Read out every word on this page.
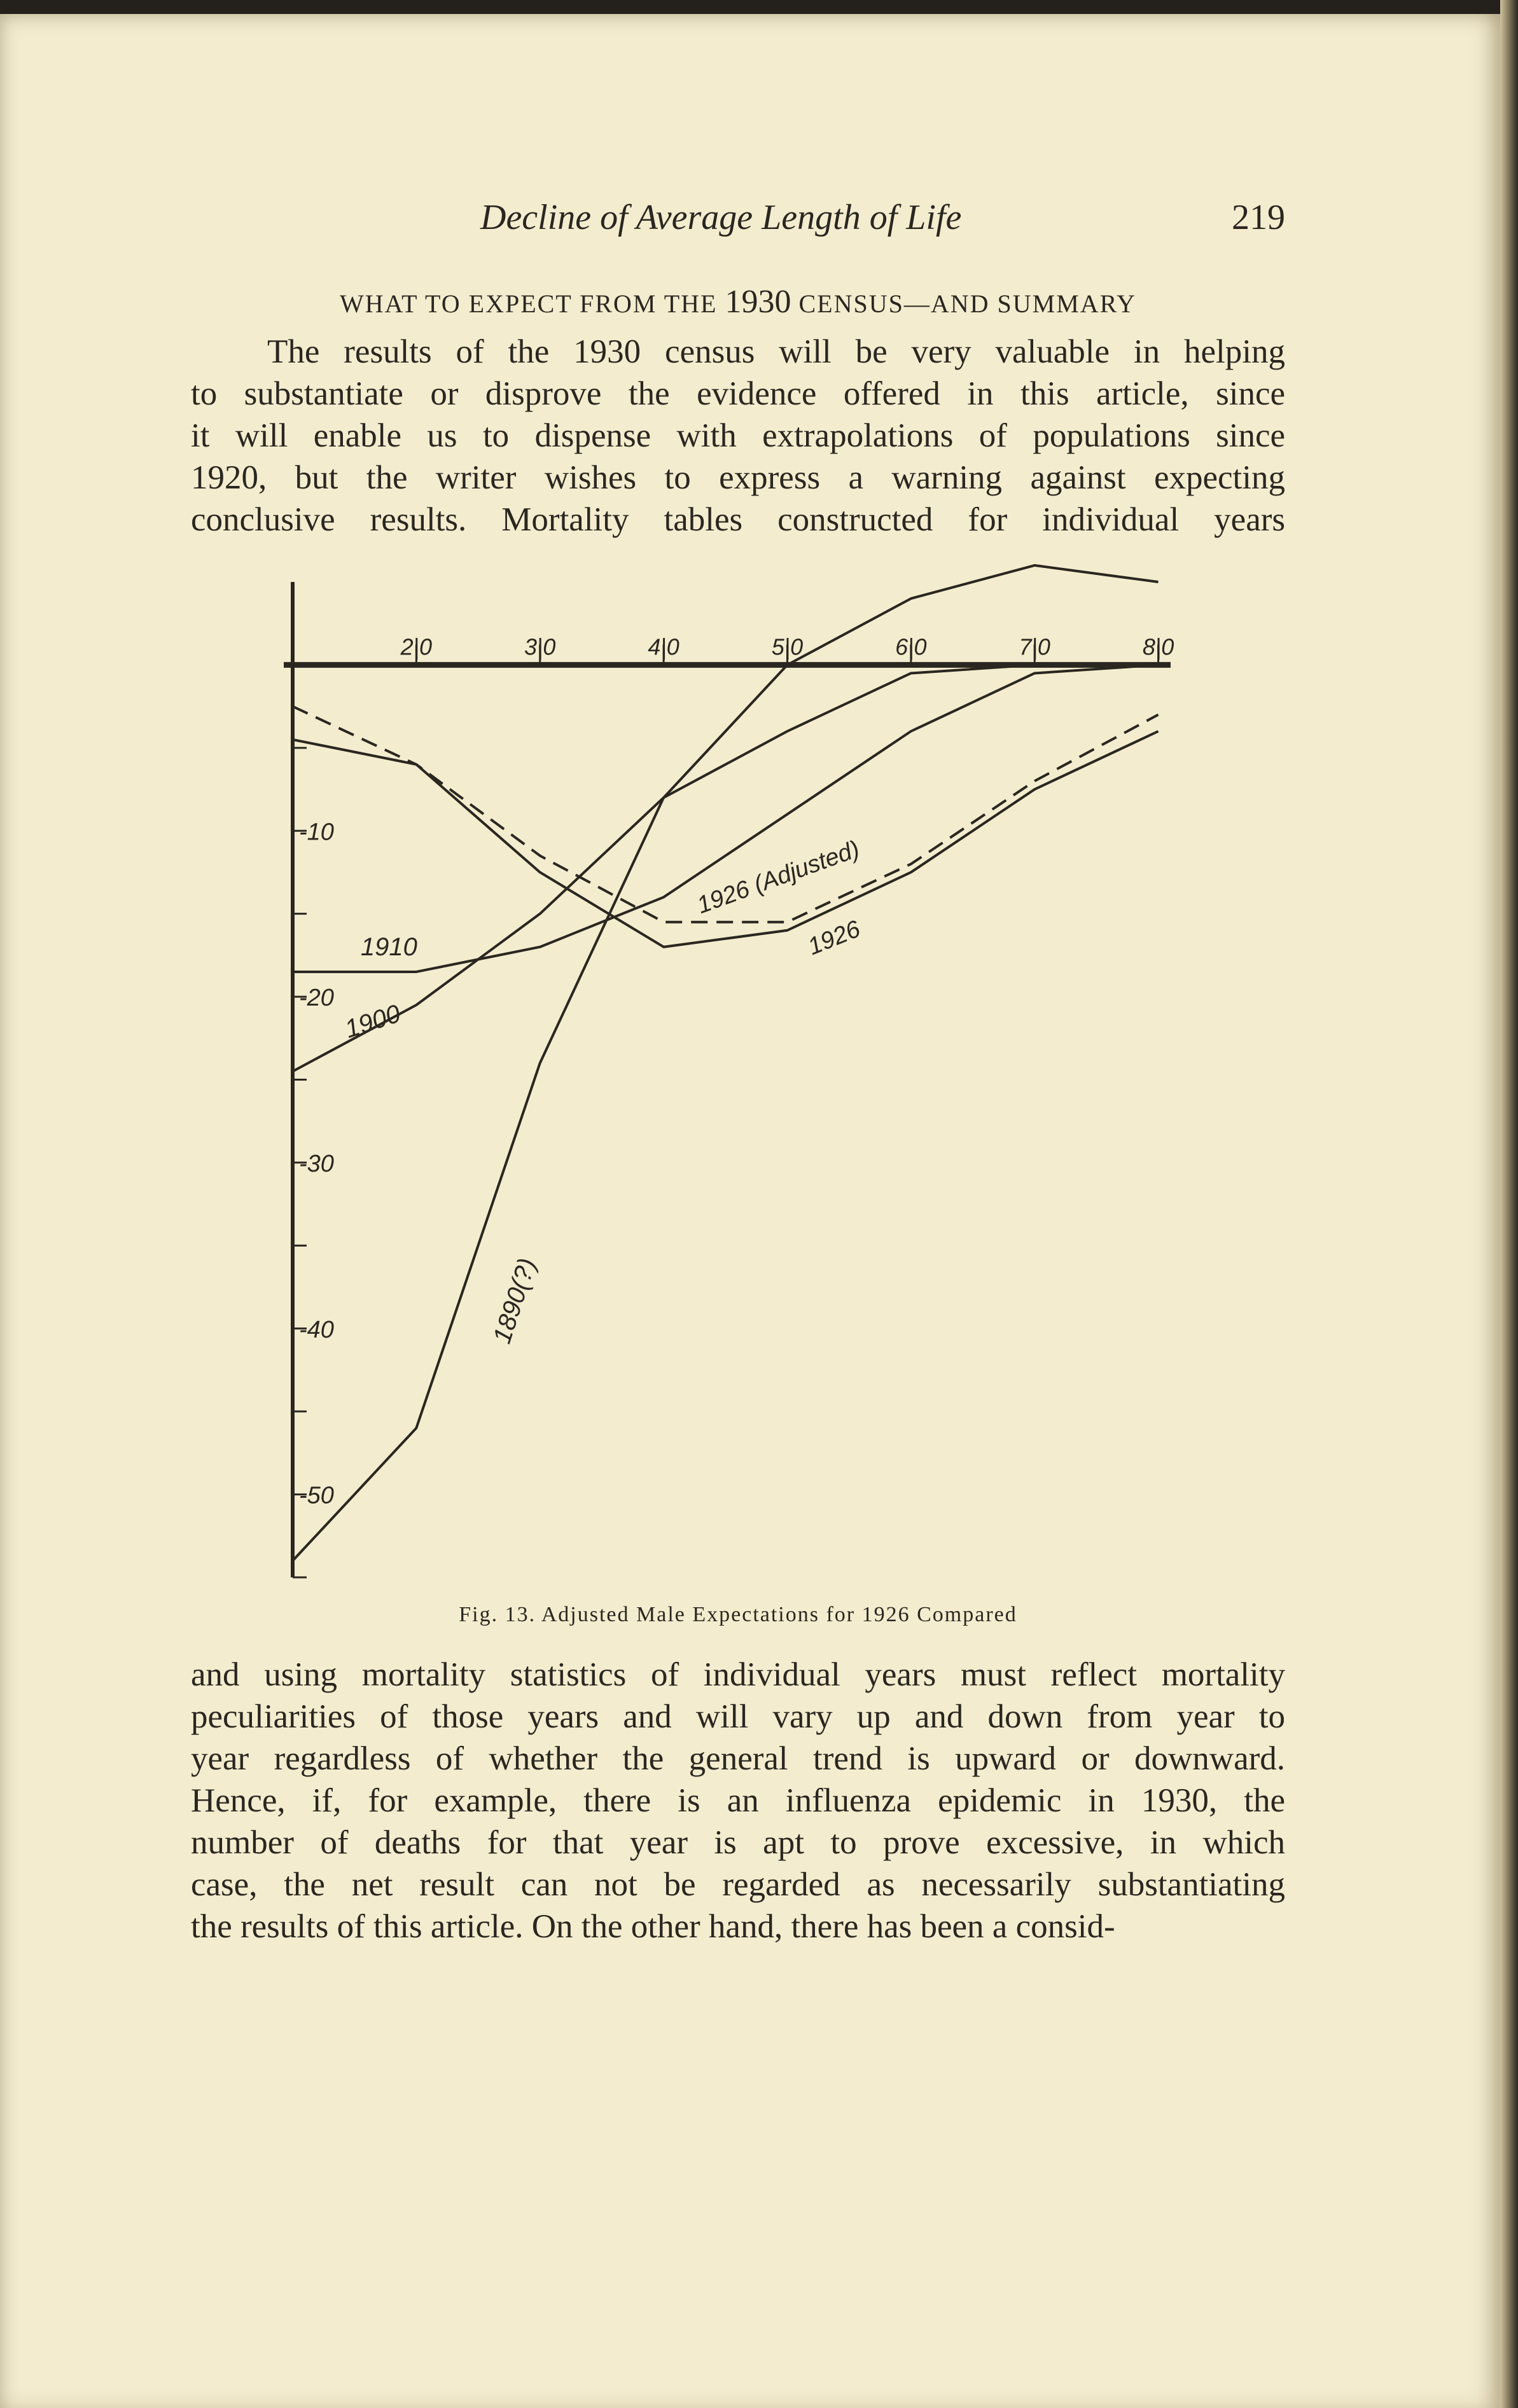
Decline of Average Length of Life	219
WHAT TO EXPECT FROM THE 1930 CENSUS—AND SUMMARY
The results of the 1930 census will be very valuable in helping
to substantiate or disprove the evidence offered in this article, since
it will enable us to dispense with extrapolations of populations since
1920, but the writer wishes to express a warning against expecting
conclusive results. Mortality tables constructed for individual years
2|0	3|0	4|0	5|0	6|0	7|0	8|0
-10
-20
-30
-40
-50
1890(?)
1900
1910	1926
1926 (Adjusted)
Fig. 13. Adjusted Male Expectations for 1926 Compared
and using mortality statistics of individual years must reflect mortality
peculiarities of those years and will vary up and down from year to
year regardless of whether the general trend is upward or downward.
Hence, if, for example, there is an influenza epidemic in 1930, the
number of deaths for that year is apt to prove excessive, in which
case, the net result can not be regarded as necessarily substantiating
the results of this article. On the other hand, there has been a consid-
